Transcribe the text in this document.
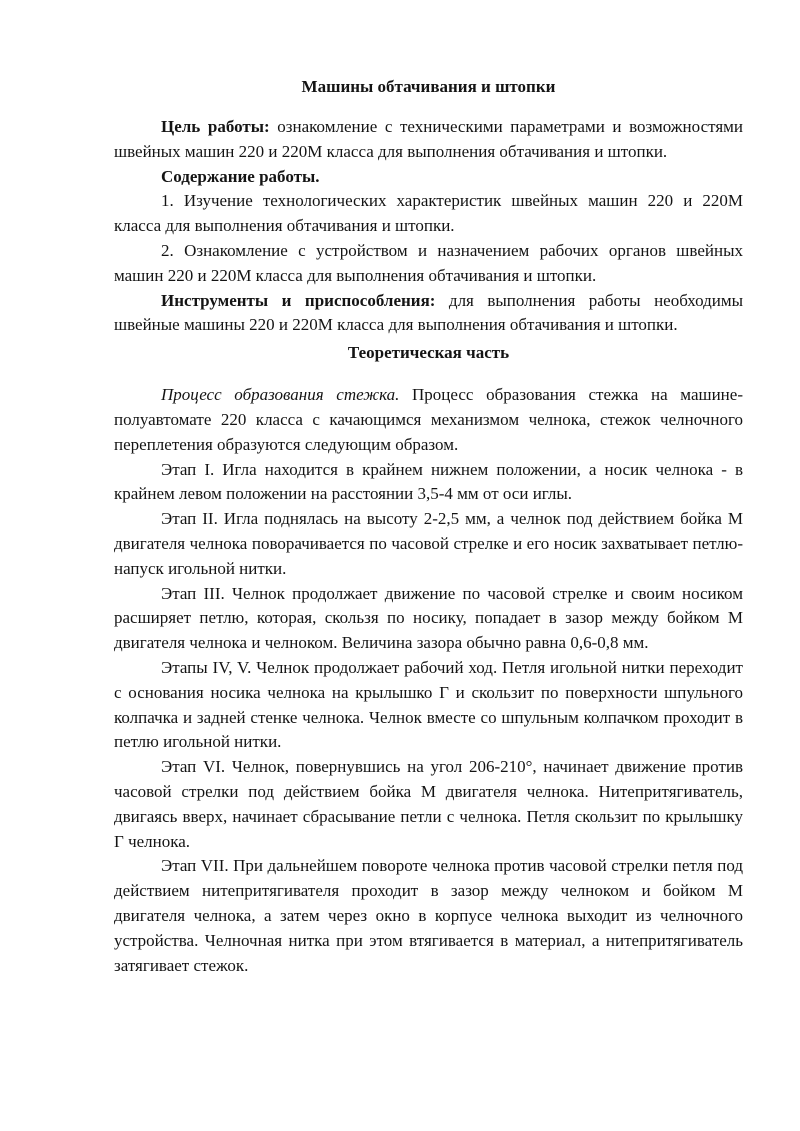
Машины обтачивания и штопки

Цель работы: ознакомление с техническими параметрами и возможностями швейных машин 220 и 220М класса для выполнения обтачивания и штопки.

Содержание работы.

1. Изучение технологических характеристик швейных машин 220 и 220М класса для выполнения обтачивания и штопки.

2. Ознакомление с устройством и назначением рабочих органов швейных машин 220 и 220М класса для выполнения обтачивания и штопки.

Инструменты и приспособления: для выполнения работы необходимы швейные машины 220 и 220М класса для выполнения обтачивания и штопки.

Теоретическая часть

Процесс образования стежка. Процесс образования стежка на машине-полуавтомате 220 класса с качающимся механизмом челнока, стежок челночного переплетения образуются следующим образом.

Этап I. Игла находится в крайнем нижнем положении, а носик челнока - в крайнем левом положении на расстоянии 3,5-4 мм от оси иглы.

Этап II. Игла поднялась на высоту 2-2,5 мм, а челнок под действием бойка М двигателя челнока поворачивается по часовой стрелке и его носик захватывает петлю-напуск игольной нитки.

Этап III. Челнок продолжает движение по часовой стрелке и своим носиком расширяет петлю, которая, скользя по носику, попадает в зазор между бойком М двигателя челнока и челноком. Величина зазора обычно равна 0,6-0,8 мм.

Этапы IV, V. Челнок продолжает рабочий ход. Петля игольной нитки переходит с основания носика челнока на крылышко Г и скользит по поверхности шпульного колпачка и задней стенке челнока. Челнок вместе со шпульным колпачком проходит в петлю игольной нитки.

Этап VI. Челнок, повернувшись на угол 206-210°, начинает движение против часовой стрелки под действием бойка М двигателя челнока. Нитепритягиватель, двигаясь вверх, начинает сбрасывание петли с челнока. Петля скользит по крылышку Г челнока.

Этап VII. При дальнейшем повороте челнока против часовой стрелки петля под действием нитепритягивателя проходит в зазор между челноком и бойком М двигателя челнока, а затем через окно в корпусе челнока выходит из челночного устройства. Челночная нитка при этом втягивается в материал, а нитепритягиватель затягивает стежок.
